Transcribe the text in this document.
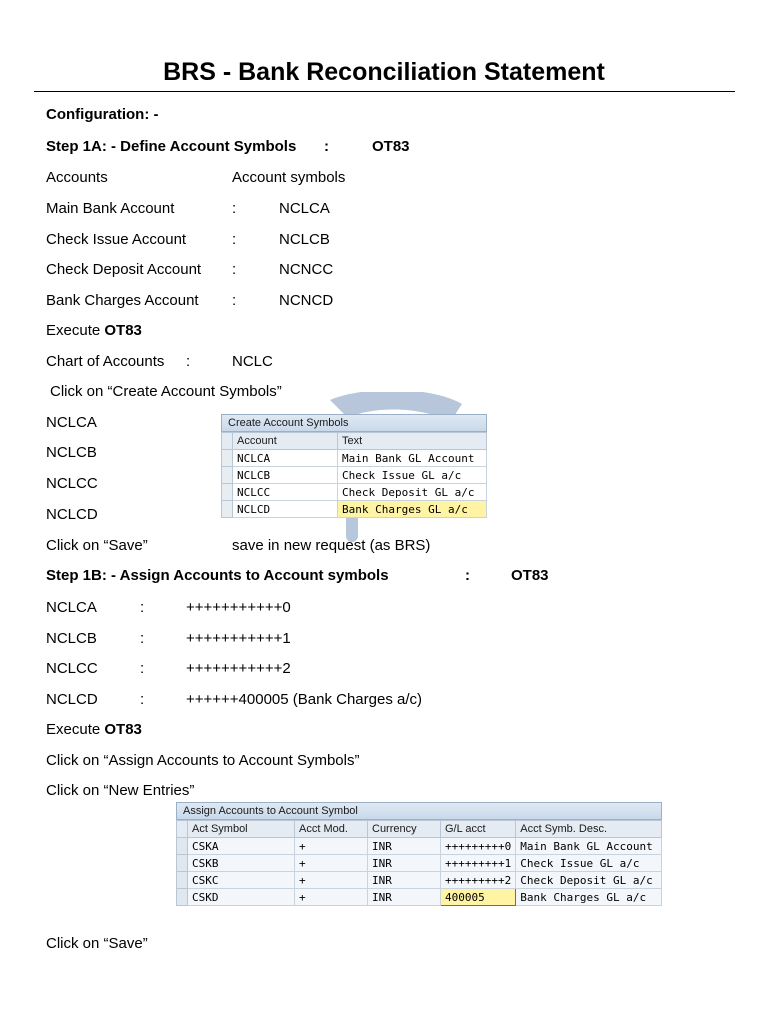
BRS - Bank Reconciliation Statement
Configuration: -
Step 1A: - Define Account Symbols :	OT83
Accounts	Account symbols
Main Bank Account	:	NCLCA
Check Issue Account	:	NCLCB
Check Deposit Account :	NCNCC
Bank Charges Account :	NCNCD
Execute OT83
Chart of Accounts :	NCLC
Click on “Create Account Symbols”
NCLCA
NCLCB
NCLCC
NCLCD
Create Account Symbols
	Account	Text
	NCLCA	Main Bank GL Account
	NCLCB	Check Issue GL a/c
	NCLCC	Check Deposit GL a/c
	NCLCD	Bank Charges GL a/c
Click on “Save”	save in new request (as BRS)
Step 1B: - Assign Accounts to Account symbols	:	OT83
NCLCA	:	+++++++++++0
NCLCB	:	+++++++++++1
NCLCC	:	+++++++++++2
NCLCD	:	++++++400005 (Bank Charges a/c)
Execute OT83
Click on “Assign Accounts to Account Symbols”
Click on “New Entries”
Assign Accounts to Account Symbol
	Act Symbol	Acct Mod.	Currency	G/L acct	Acct Symb. Desc.
	CSKA	+	INR	+++++++++0	Main Bank GL Account
	CSKB	+	INR	+++++++++1	Check Issue GL a/c
	CSKC	+	INR	+++++++++2	Check Deposit GL a/c
	CSKD	+	INR	400005	Bank Charges GL a/c
Click on “Save”
